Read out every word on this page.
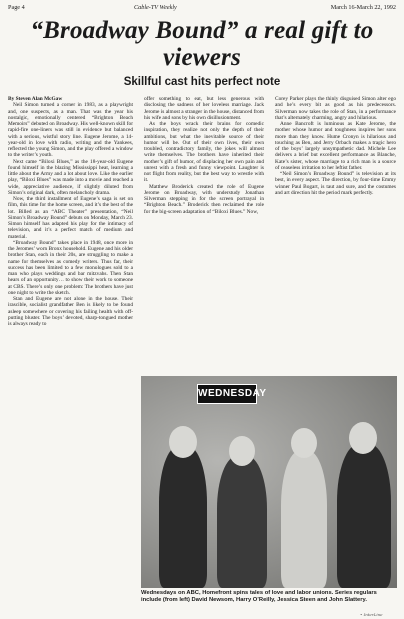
Page 4	Cable-TV Weekly	March 16-March 22, 1992
“Broadway Bound” a real gift to viewers
Skillful cast hits perfect note

By Steven Alan McGaw

Neil Simon turned a corner in 1983, as a playwright and, one suspects, as a man. That was the year his nostalgic, emotionally centered “Brighton Beach Memoirs” debuted on Broadway. His well-known skill for rapid-fire one-liners was still in evidence but balanced with a serious, wistful story line. Eugene Jerome, a 14-year-old in love with radio, writing and the Yankees, reflected the young Simon, and the play offered a window to the writer’s youth.

Next came “Biloxi Blues,” as the 18-year-old Eugene found himself in the blazing Mississippi heat, learning a little about the Army and a lot about love. Like the earlier play, “Biloxi Blues” was made into a movie and reached a wide, appreciative audience, if slightly diluted from Simon’s original dark, often melancholy drama.

Now, the third installment of Eugene’s saga is set on film, this time for the home screen, and it’s the best of the lot. Billed as an “ABC Theater” presentation, “Neil Simon’s Broadway Bound” debuts on Monday, March 23. Simon himself has adapted his play for the intimacy of television, and it’s a perfect match of medium and material.

“Broadway Bound” takes place in 1948, once more in the Jeromes’ worn Bronx household. Eugene and his older brother Stan, each in their 20s, are struggling to make a name for themselves as comedy writers. Thus far, their success has been limited to a few monologues sold to a man who plays weddings and bar mitzvahs. Then Stan hears of an opportunity… to show their work to someone at CBS. There’s only one problem: The brothers have just one night to write the sketch.

Stan and Eugene are not alone in the house. Their irascible, socialist grandfather Ben is likely to be found asleep somewhere or covering his failing health with off-putting bluster. The boys’ devoted, sharp-tongued mother is always ready to

offer something to eat, but less generous with disclosing the sadness of her loveless marriage. Jack Jerome is almost a stranger in the house, distanced from his wife and sons by his own disillusionment.

As the boys wrack their brains for comedic inspiration, they realize not only the depth of their ambitions, but what the inevitable source of their humor will be. Out of their own lives, their own troubled, contradictory family, the jokes will almost write themselves. The brothers have inherited their mother’s gift of humor, of displacing her own pain and unrest with a fresh and funny viewpoint. Laughter is not flight from reality, but the best way to wrestle with it.

Matthew Broderick created the role of Eugene Jerome on Broadway, with understudy Jonathan Silverman stepping in for the screen portrayal in “Brighton Beach.” Broderick then reclaimed the role for the big-screen adaptation of “Biloxi Blues.” Now,

Corey Parker plays the thinly disguised Simon alter ego and he’s every bit as good as his predecessors. Silverman now takes the role of Stan, in a performance that’s alternately charming, angry and hilarious.

Anne Bancroft is luminous as Kate Jerome, the mother whose humor and toughness inspires her sons more than they know. Hume Cronyn is hilarious and touching as Ben, and Jerry Orbach makes a tragic hero of the boys’ largely unsympathetic dad. Michele Lee delivers a brief but excellent performance as Blanche, Kate’s sister, whose marriage to a rich man is a source of ceaseless irritation to her leftist father.

“Neil Simon’s Broadway Bound” is television at its best, in every aspect. The direction, by four-time Emmy winner Paul Bogart, is taut and sure, and the costumes and art direction hit the period mark perfectly.

WEDNESDAY
Wednesdays on ABC, Homefront spins tales of love and labor unions. Series regulars include (from left) David Newsom, Harry O’Reilly, Jessica Steen and John Slattery.
• InterLine
